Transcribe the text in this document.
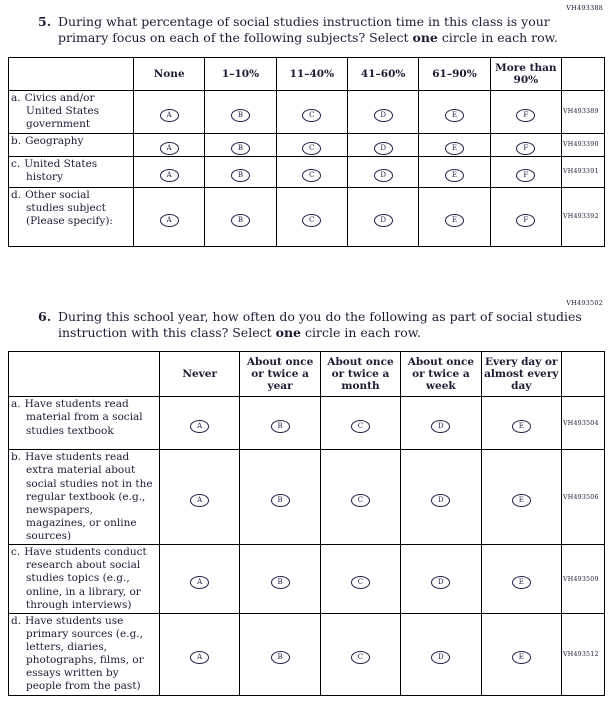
VH493388
5. During what percentage of social studies instruction time in this class is your primary focus on each of the following subjects? Select one circle in each row.
	None	1–10%	11–40%	41–60%	61–90%	More than 90%	
a. Civics and/or United States government	A	B	C	D	E	F	VH493389
b. Geography	A	B	C	D	E	F	VH493390
c. United States history	A	B	C	D	E	F	VH493391
d. Other social studies subject (Please specify):	A	B	C	D	E	F	VH493392
VH493502
6. During this school year, how often do you do the following as part of social studies instruction with this class? Select one circle in each row.
	Never	About once or twice a year	About once or twice a month	About once or twice a week	Every day or almost every day	
a. Have students read material from a social studies textbook	A	B	C	D	E	VH493504
b. Have students read extra material about social studies not in the regular textbook (e.g., newspapers, magazines, or online sources)	A	B	C	D	E	VH493506
c. Have students conduct research about social studies topics (e.g., online, in a library, or through interviews)	A	B	C	D	E	VH493509
d. Have students use primary sources (e.g., letters, diaries, photographs, films, or essays written by people from the past)	A	B	C	D	E	VH493512
